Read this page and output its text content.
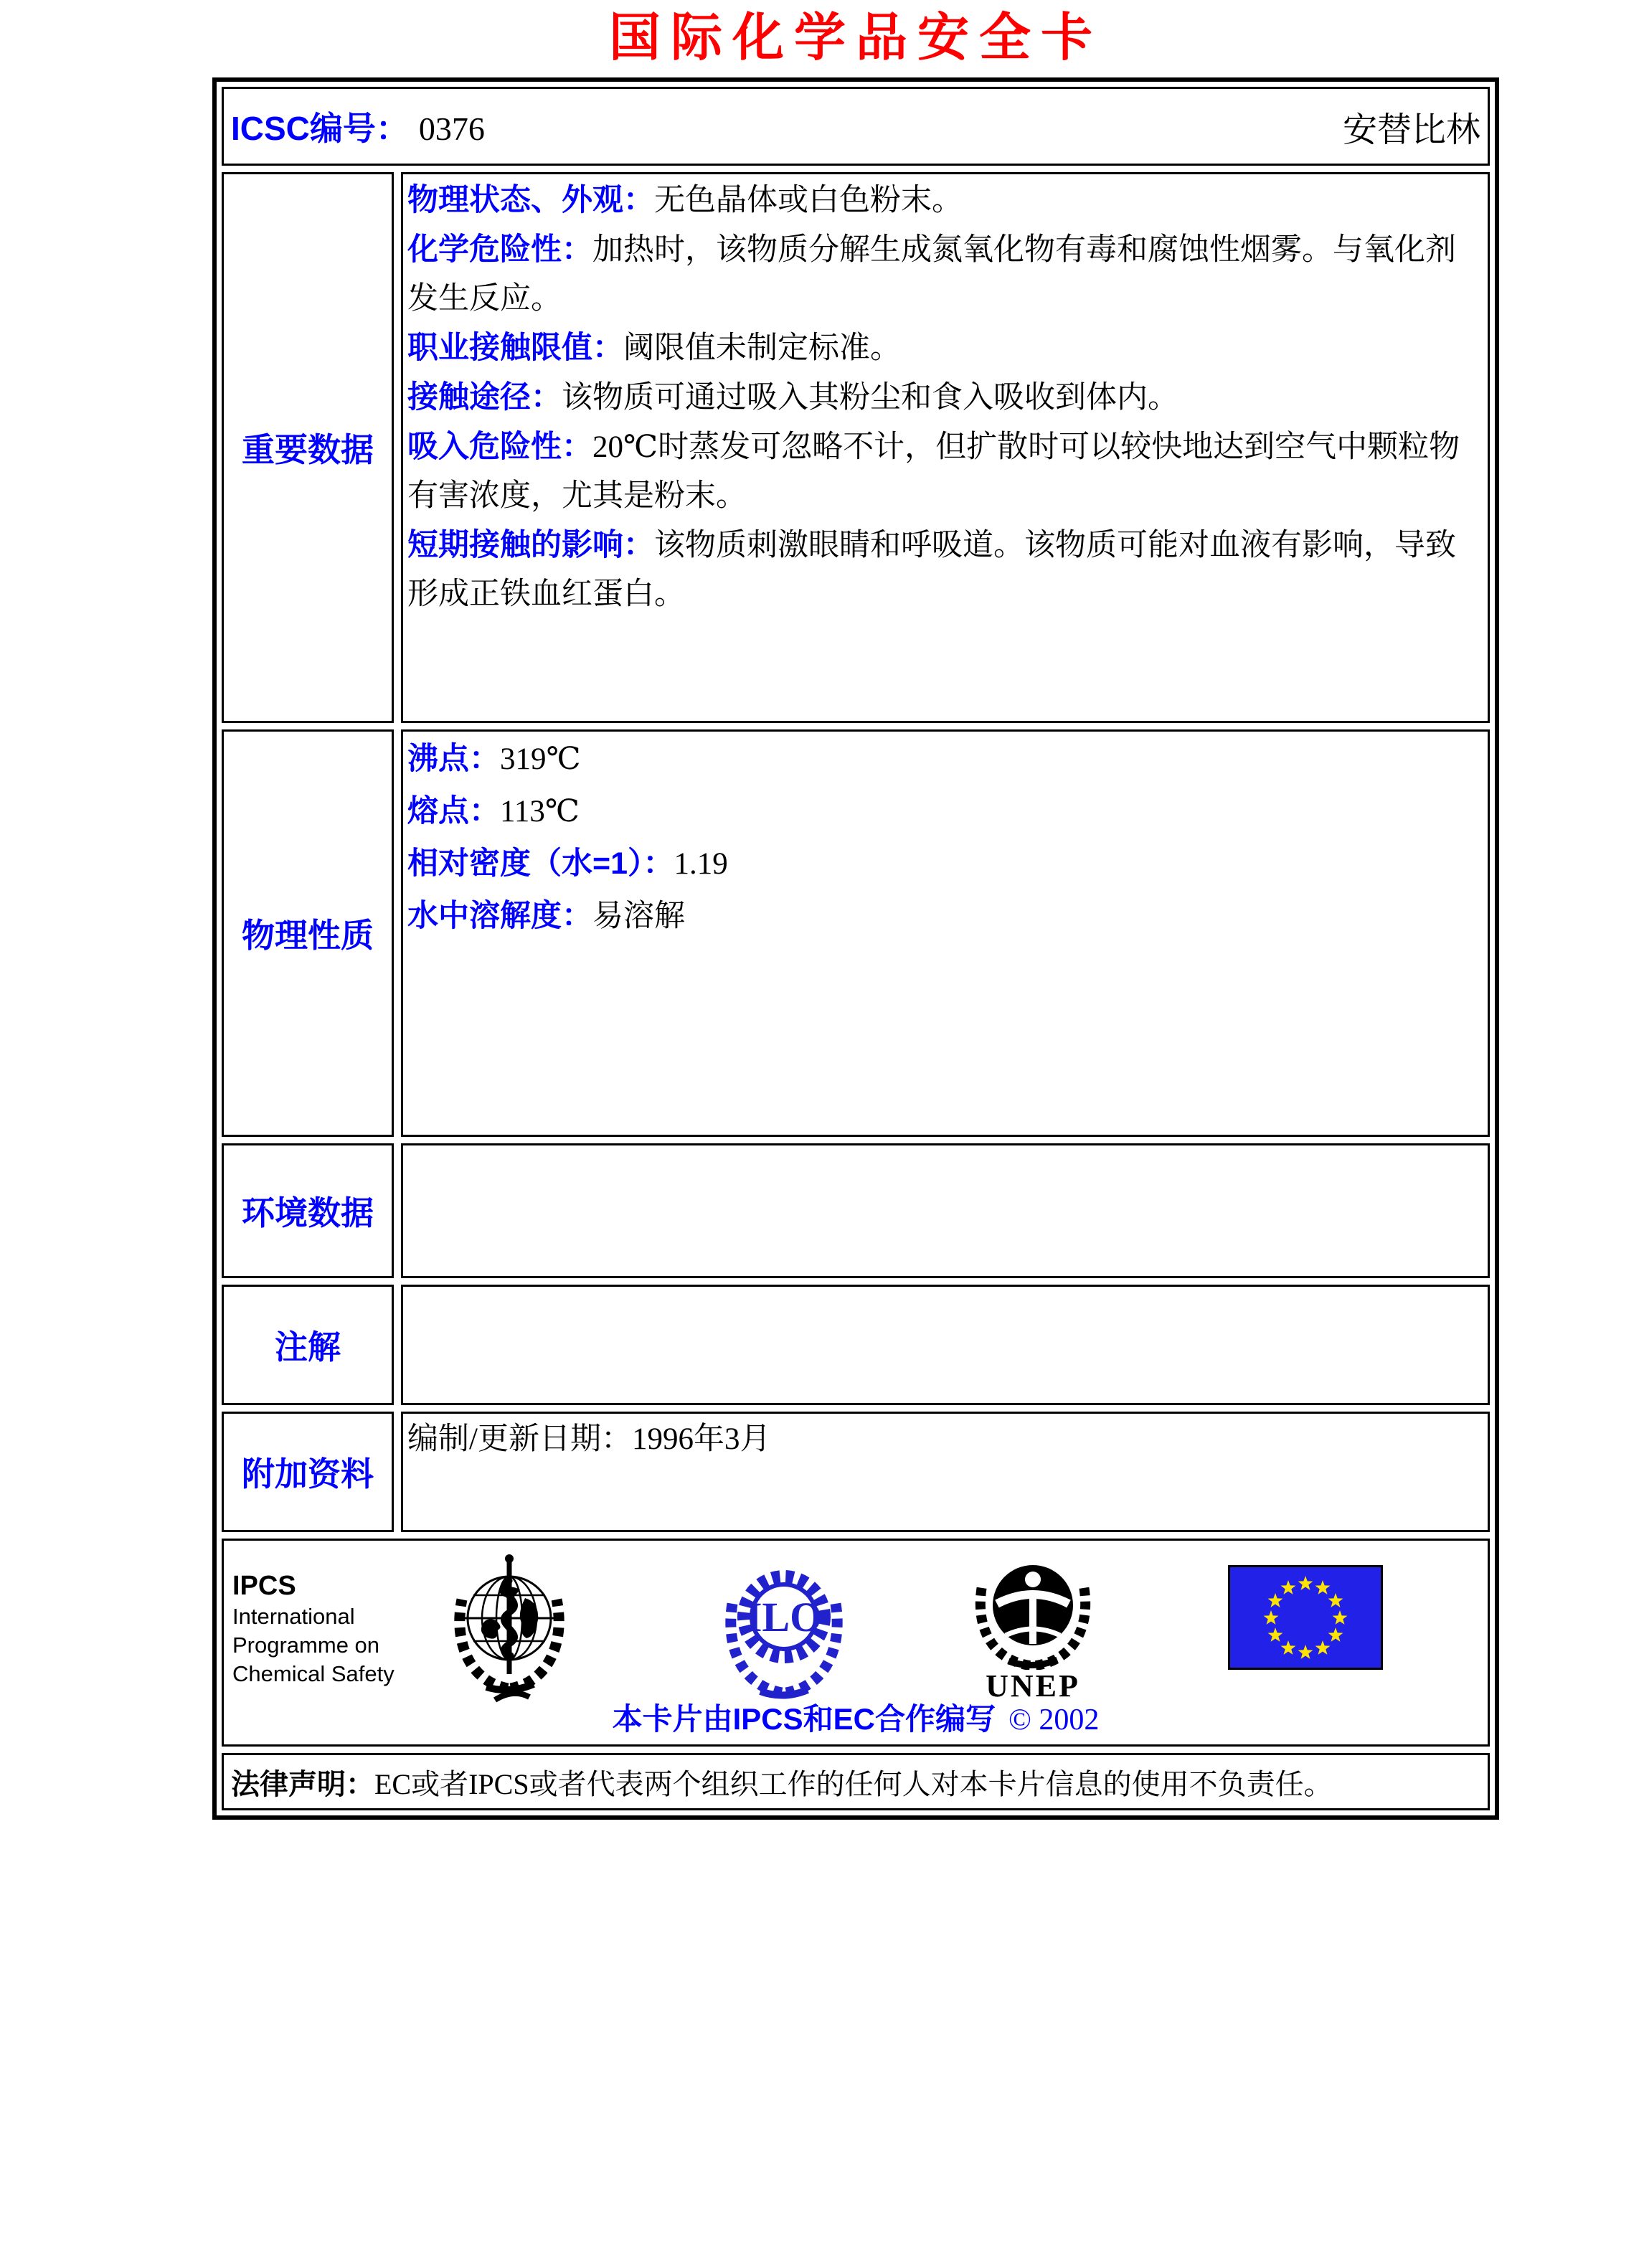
国际化学品安全卡
ICSC编号： 0376	安替比林
重要数据

物理状态、外观：无色晶体或白色粉末。

化学危险性：加热时，该物质分解生成氮氧化物有毒和腐蚀性烟雾。与氧化剂发生反应。

职业接触限值：阈限值未制定标准。

接触途径：该物质可通过吸入其粉尘和食入吸收到体内。

吸入危险性：20℃时蒸发可忽略不计，但扩散时可以较快地达到空气中颗粒物有害浓度，尤其是粉末。

短期接触的影响：该物质刺激眼睛和呼吸道。该物质可能对血液有影响，导致形成正铁血红蛋白。

物理性质

沸点：319℃

熔点：113℃

相对密度（水=1）：1.19

水中溶解度：易溶解

环境数据
注解
附加资料

编制/更新日期：1996年3月

IPCS
International
Programme on
Chemical Safety
ILO
UNEP
本卡片由IPCS和EC合作编写 © 2002
法律声明： EC或者IPCS或者代表两个组织工作的任何人对本卡片信息的使用不负责任。
